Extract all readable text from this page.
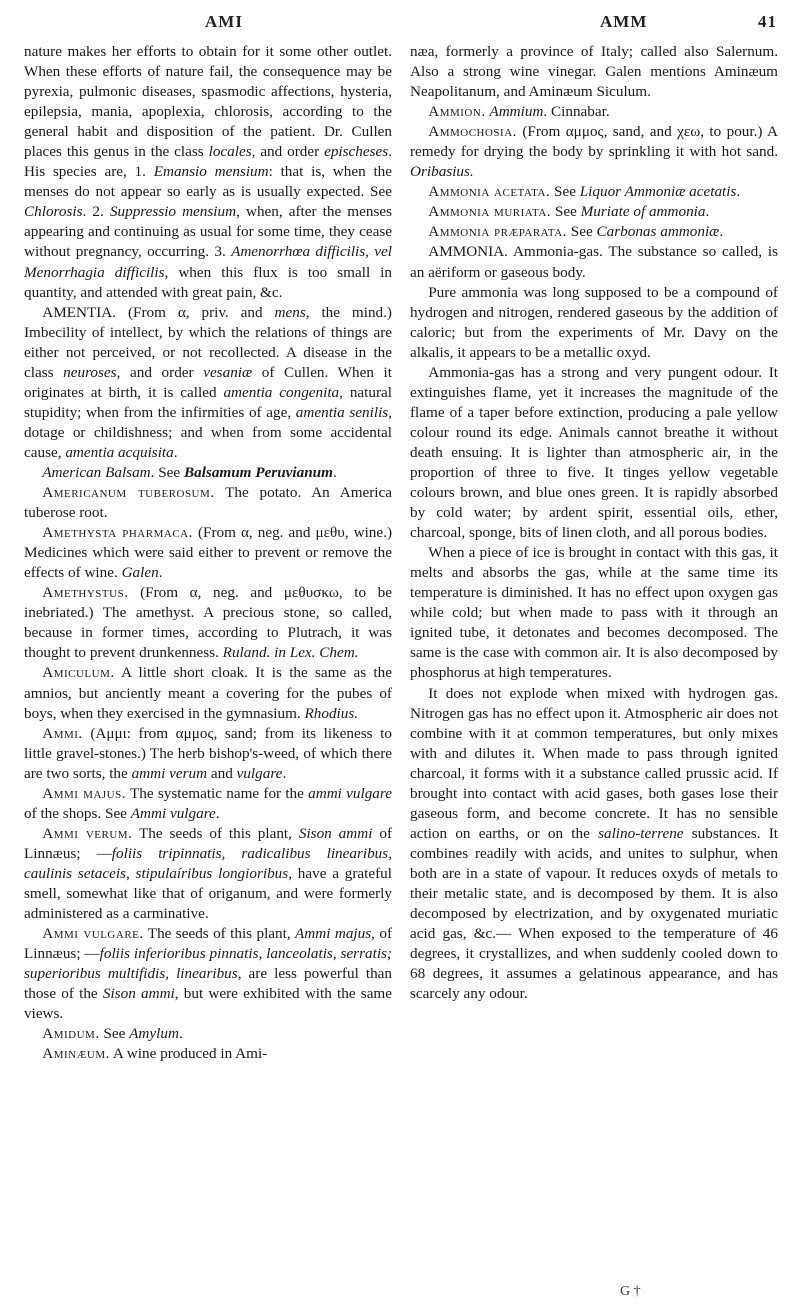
AMI	AMM	41

nature makes her efforts to obtain for it some other outlet. When these efforts of nature fail, the consequence may be pyrexia, pulmonic diseases, spasmodic affections, hysteria, epilepsia, mania, apoplexia, chlorosis, according to the general habit and disposition of the patient. Dr. Cullen places this genus in the class locales, and order epischeses. His species are, 1. Emansio mensium: that is, when the menses do not appear so early as is usually expected. See Chlorosis. 2. Suppressio mensium, when, after the menses appearing and continuing as usual for some time, they cease without pregnancy, occurring. 3. Amenorrhœa difficilis, vel Menorrhagia difficilis, when this flux is too small in quantity, and attended with great pain, &c.

AMENTIA. (From α, priv. and mens, the mind.) Imbecility of intellect, by which the relations of things are either not perceived, or not recollected. A disease in the class neuroses, and order vesaniæ of Cullen. When it originates at birth, it is called amentia congenita, natural stupidity; when from the infirmities of age, amentia senilis, dotage or childishness; and when from some accidental cause, amentia acquisita.

American Balsam. See Balsamum Peruvianum.

Americanum tuberosum. The potato. An America tuberose root.

Amethysta pharmaca. (From α, neg. and μεθυ, wine.) Medicines which were said either to prevent or remove the effects of wine. Galen.

Amethystus. (From α, neg. and μεθυσκω, to be inebriated.) The amethyst. A precious stone, so called, because in former times, according to Plutrach, it was thought to prevent drunkenness. Ruland. in Lex. Chem.

Amiculum. A little short cloak. It is the same as the amnios, but anciently meant a covering for the pubes of boys, when they exercised in the gymnasium. Rhodius.

Ammi. (Αμμι: from αμμος, sand; from its likeness to little gravel-stones.) The herb bishop's-weed, of which there are two sorts, the ammi verum and vulgare.

Ammi majus. The systematic name for the ammi vulgare of the shops. See Ammi vulgare.

Ammi verum. The seeds of this plant, Sison ammi of Linnæus; —foliis tripinnatis, radicalibus linearibus, caulinis setaceis, stipulaíribus longioribus, have a grateful smell, somewhat like that of origanum, and were formerly administered as a carminative.

Ammi vulgare. The seeds of this plant, Ammi majus, of Linnæus; —foliis inferioribus pinnatis, lanceolatis, serratis; superioribus multifidis, linearibus, are less powerful than those of the Sison ammi, but were exhibited with the same views.

Amidum. See Amylum.

Aminæum. A wine produced in Ami-

næa, formerly a province of Italy; called also Salernum. Also a strong wine vinegar. Galen mentions Aminæum Neapolitanum, and Aminæum Siculum.

Ammion. Ammium. Cinnabar.

Ammochosia. (From αμμος, sand, and χεω, to pour.) A remedy for drying the body by sprinkling it with hot sand. Oribasius.

Ammonia acetata. See Liquor Ammoniæ acetatis.

Ammonia muriata. See Muriate of ammonia.

Ammonia præparata. See Carbonas ammoniæ.

AMMONIA. Ammonia-gas. The substance so called, is an aëriform or gaseous body.

Pure ammonia was long supposed to be a compound of hydrogen and nitrogen, rendered gaseous by the addition of caloric; but from the experiments of Mr. Davy on the alkalis, it appears to be a metallic oxyd.

Ammonia-gas has a strong and very pungent odour. It extinguishes flame, yet it increases the magnitude of the flame of a taper before extinction, producing a pale yellow colour round its edge. Animals cannot breathe it without death ensuing. It is lighter than atmospheric air, in the proportion of three to five. It tinges yellow vegetable colours brown, and blue ones green. It is rapidly absorbed by cold water; by ardent spirit, essential oils, ether, charcoal, sponge, bits of linen cloth, and all porous bodies.

When a piece of ice is brought in contact with this gas, it melts and absorbs the gas, while at the same time its temperature is diminished. It has no effect upon oxygen gas while cold; but when made to pass with it through an ignited tube, it detonates and becomes decomposed. The same is the case with common air. It is also decomposed by phosphorus at high temperatures.

It does not explode when mixed with hydrogen gas. Nitrogen gas has no effect upon it. Atmospheric air does not combine with it at common temperatures, but only mixes with and dilutes it. When made to pass through ignited charcoal, it forms with it a substance called prussic acid. If brought into contact with acid gases, both gases lose their gaseous form, and become concrete. It has no sensible action on earths, or on the salino-terrene substances. It combines readily with acids, and unites to sulphur, when both are in a state of vapour. It reduces oxyds of metals to their metalic state, and is decomposed by them. It is also decomposed by electrization, and by oxygenated muriatic acid gas, &c.— When exposed to the temperature of 46 degrees, it crystallizes, and when suddenly cooled down to 68 degrees, it assumes a gelatinous appearance, and has scarcely any odour.

G †
